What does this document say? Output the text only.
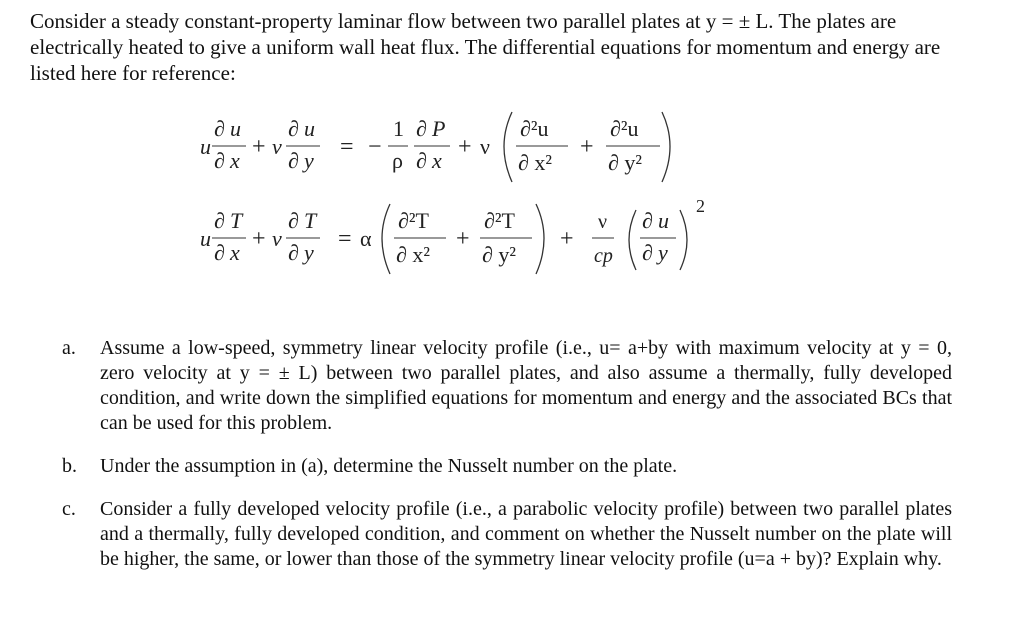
Consider a steady constant-property laminar flow between two parallel plates at y = ± L. The plates are electrically heated to give a uniform wall heat flux. The differential equations for momentum and energy are listed here for reference:
u
∂ u
∂ x
+ v
∂ u
∂ y
= −
1
ρ
∂ P
∂ x
+ ν
∂²u
∂ x²
+
∂²u
∂ y²
u
∂ T
∂ x
+ v
∂ T
∂ y
= α
∂²T
∂ x²
+
∂²T
∂ y²
+
ν
cp
∂ u
∂ y
2
a.	Assume a low-speed, symmetry linear velocity profile (i.e., u= a+by with maximum velocity at y = 0, zero velocity at y = ± L) between two parallel plates, and also assume a thermally, fully developed condition, and write down the simplified equations for momentum and energy and the associated BCs that can be used for this problem.
b.	Under the assumption in (a), determine the Nusselt number on the plate.
c.	Consider a fully developed velocity profile (i.e., a parabolic velocity profile) between two parallel plates and a thermally, fully developed condition, and comment on whether the Nusselt number on the plate will be higher, the same, or lower than those of the symmetry linear velocity profile (u=a + by)? Explain why.
